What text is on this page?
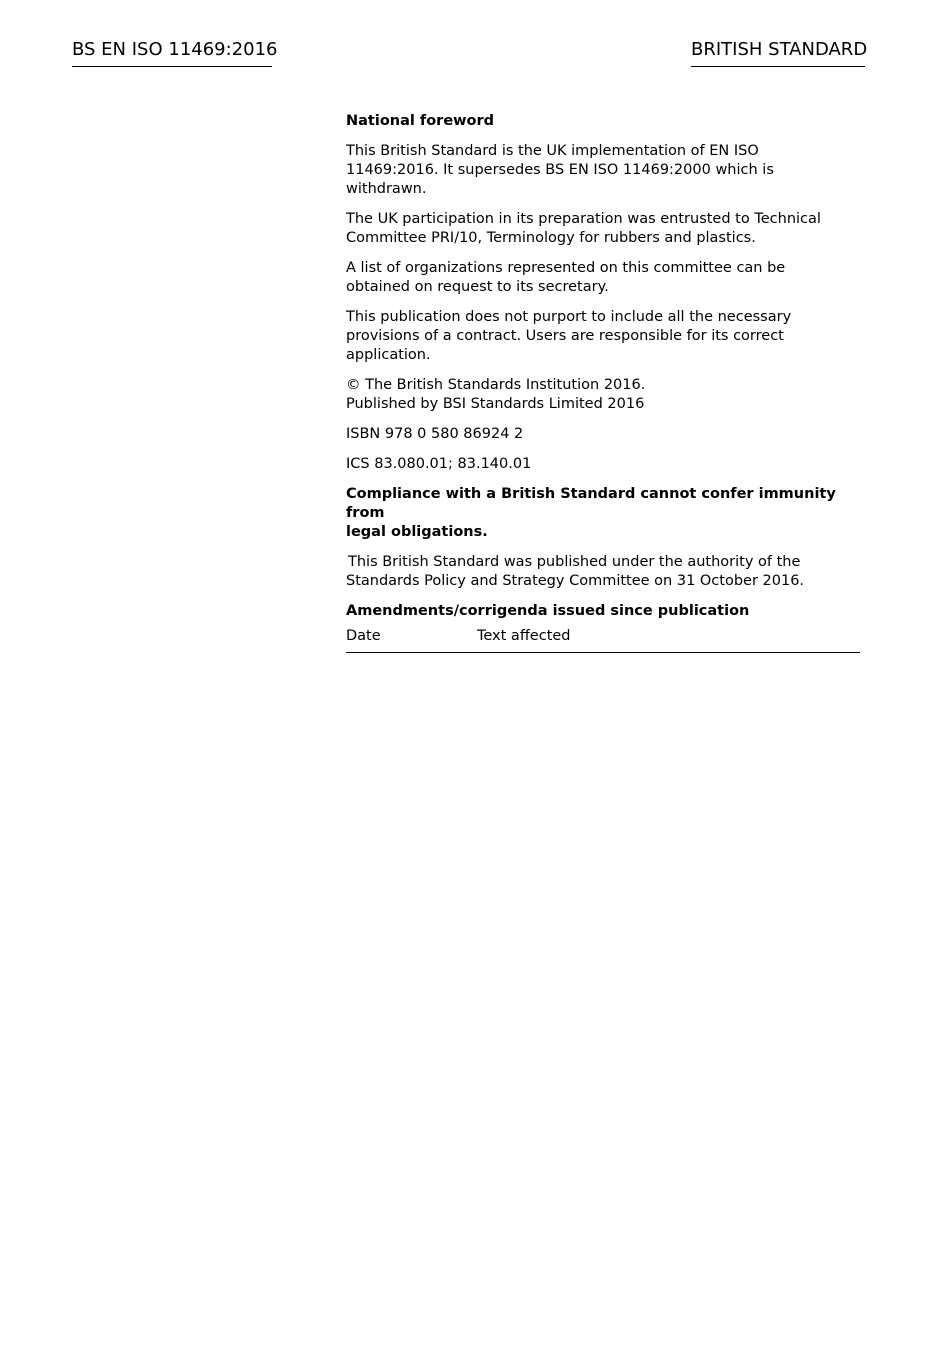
BS EN ISO 11469:2016	BRITISH STANDARD

National foreword

This British Standard is the UK implementation of EN ISO
11469:2016. It supersedes BS EN ISO 11469:2000 which is
withdrawn.

The UK participation in its preparation was entrusted to Technical
Committee PRI/10, Terminology for rubbers and plastics.

A list of organizations represented on this committee can be
obtained on request to its secretary.

This publication does not purport to include all the necessary
provisions of a contract. Users are responsible for its correct
application.

© The British Standards Institution 2016.
Published by BSI Standards Limited 2016

ISBN 978 0 580 86924 2

ICS 83.080.01; 83.140.01

Compliance with a British Standard cannot confer immunity from
legal obligations.

This British Standard was published under the authority of the
Standards Policy and Strategy Committee on 31 October 2016.

Amendments/corrigenda issued since publication
Date	Text affected
